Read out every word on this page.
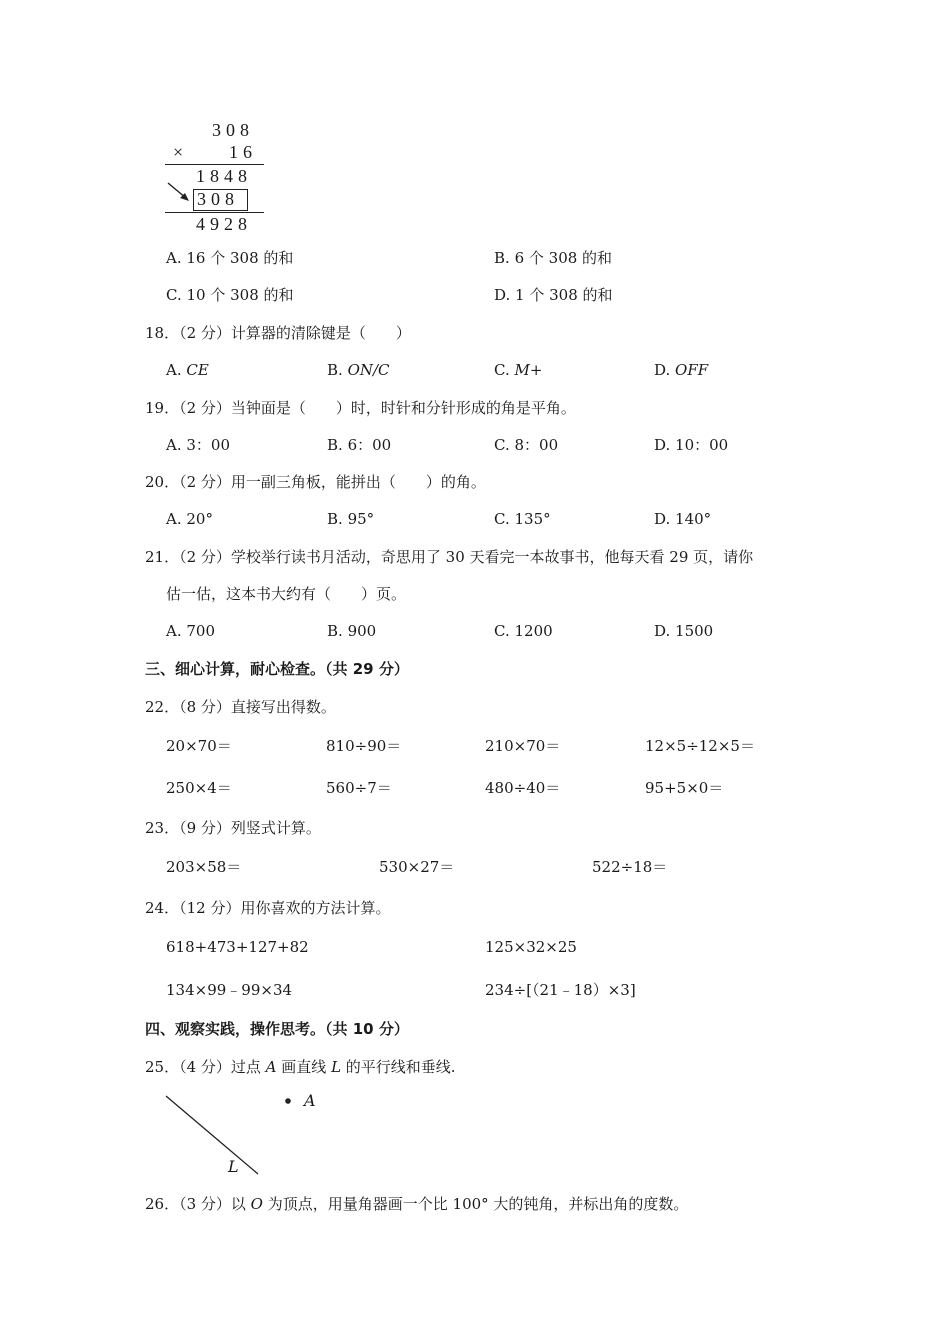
308
× 16
1848
308
4928
A. 16 个 308 的和	B. 6 个 308 的和
C. 10 个 308 的和	D. 1 个 308 的和
18．（2 分）计算器的清除键是（　　）
A. CE	B. ON/C	C. M+	D. OFF
19．（2 分）当钟面是（　　）时，时针和分针形成的角是平角。
A. 3：00	B. 6：00	C. 8：00	D. 10：00
20．（2 分）用一副三角板，能拼出（　　）的角。
A. 20°	B. 95°	C. 135°	D. 140°
21．（2 分）学校举行读书月活动，奇思用了 30 天看完一本故事书，他每天看 29 页，请你
估一估，这本书大约有（　　）页。
A. 700	B. 900	C. 1200	D. 1500
三、细心计算，耐心检查。（共 29 分）
22．（8 分）直接写出得数。
20×70＝	810÷90＝	210×70＝	12×5÷12×5＝
250×4＝	560÷7＝	480÷40＝	95+5×0＝
23．（9 分）列竖式计算。
203×58＝	530×27＝	522÷18＝
24．（12 分）用你喜欢的方法计算。
618+473+127+82	125×32×25
134×99﹣99×34	234÷[（21﹣18）×3]
四、观察实践，操作思考。（共 10 分）
25．（4 分）过点 A 画直线 L 的平行线和垂线.
A
L
26．（3 分）以 O 为顶点，用量角器画一个比 100° 大的钝角，并标出角的度数。
